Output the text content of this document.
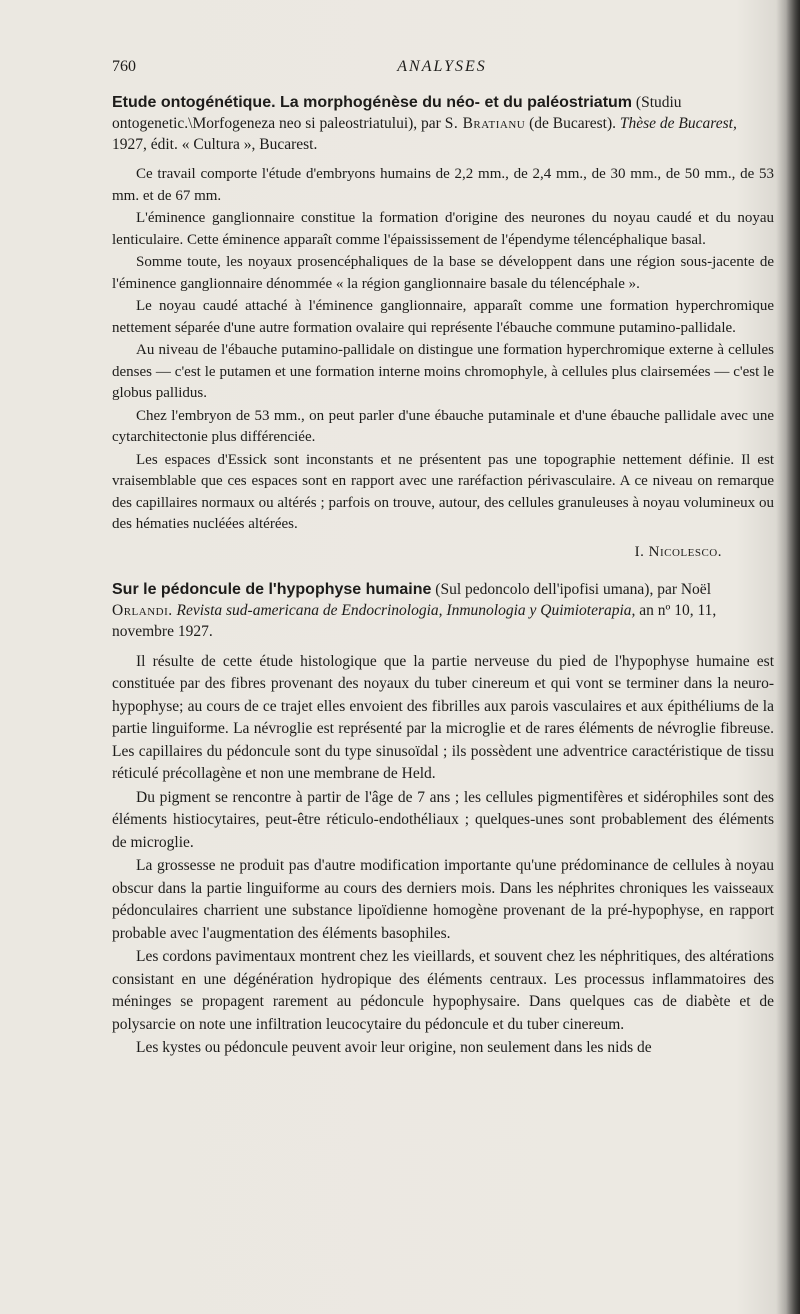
760	ANALYSES
Etude ontogénétique. La morphogénèse du néo- et du paléostriatum (Studiu ontogenetic.\Morfogeneza neo si paleostriatului), par S. Bratianu (de Bucarest). Thèse de Bucarest, 1927, édit. « Cultura », Bucarest.

Ce travail comporte l'étude d'embryons humains de 2,2 mm., de 2,4 mm., de 30 mm., de 50 mm., de 53 mm. et de 67 mm.

L'éminence ganglionnaire constitue la formation d'origine des neurones du noyau caudé et du noyau lenticulaire. Cette éminence apparaît comme l'épaississement de l'épendyme télencéphalique basal.

Somme toute, les noyaux prosencéphaliques de la base se développent dans une région sous-jacente de l'éminence ganglionnaire dénommée « la région ganglionnaire basale du télencéphale ».

Le noyau caudé attaché à l'éminence ganglionnaire, apparaît comme une formation hyperchromique nettement séparée d'une autre formation ovalaire qui représente l'ébauche commune putamino-pallidale.

Au niveau de l'ébauche putamino-pallidale on distingue une formation hyperchromique externe à cellules denses — c'est le putamen et une formation interne moins chromophyle, à cellules plus clairsemées — c'est le globus pallidus.

Chez l'embryon de 53 mm., on peut parler d'une ébauche putaminale et d'une ébauche pallidale avec une cytarchitectonie plus différenciée.

Les espaces d'Essick sont inconstants et ne présentent pas une topographie nettement définie. Il est vraisemblable que ces espaces sont en rapport avec une raréfaction périvasculaire. A ce niveau on remarque des capillaires normaux ou altérés ; parfois on trouve, autour, des cellules granuleuses à noyau volumineux ou des hématies nucléées altérées.

I. Nicolesco.
Sur le pédoncule de l'hypophyse humaine (Sul pedoncolo dell'ipofisi umana), par Noël Orlandi. Revista sud-americana de Endocrinologia, Inmunologia y Quimioterapia, an nº 10, 11, novembre 1927.

Il résulte de cette étude histologique que la partie nerveuse du pied de l'hypophyse humaine est constituée par des fibres provenant des noyaux du tuber cinereum et qui vont se terminer dans la neuro-hypophyse; au cours de ce trajet elles envoient des fibrilles aux parois vasculaires et aux épithéliums de la partie linguiforme. La névroglie est représenté par la microglie et de rares éléments de névroglie fibreuse. Les capillaires du pédoncule sont du type sinusoïdal ; ils possèdent une adventrice caractéristique de tissu réticulé précollagène et non une membrane de Held.

Du pigment se rencontre à partir de l'âge de 7 ans ; les cellules pigmentifères et sidérophiles sont des éléments histiocytaires, peut-être réticulo-endothéliaux ; quelques-unes sont probablement des éléments de microglie.

La grossesse ne produit pas d'autre modification importante qu'une prédominance de cellules à noyau obscur dans la partie linguiforme au cours des derniers mois. Dans les néphrites chroniques les vaisseaux pédonculaires charrient une substance lipoïdienne homogène provenant de la pré-hypophyse, en rapport probable avec l'augmentation des éléments basophiles.

Les cordons pavimentaux montrent chez les vieillards, et souvent chez les néphritiques, des altérations consistant en une dégénération hydropique des éléments centraux. Les processus inflammatoires des méninges se propagent rarement au pédoncule hypophysaire. Dans quelques cas de diabète et de polysarcie on note une infiltration leucocytaire du pédoncule et du tuber cinereum.

Les kystes ou pédoncule peuvent avoir leur origine, non seulement dans les nids de
